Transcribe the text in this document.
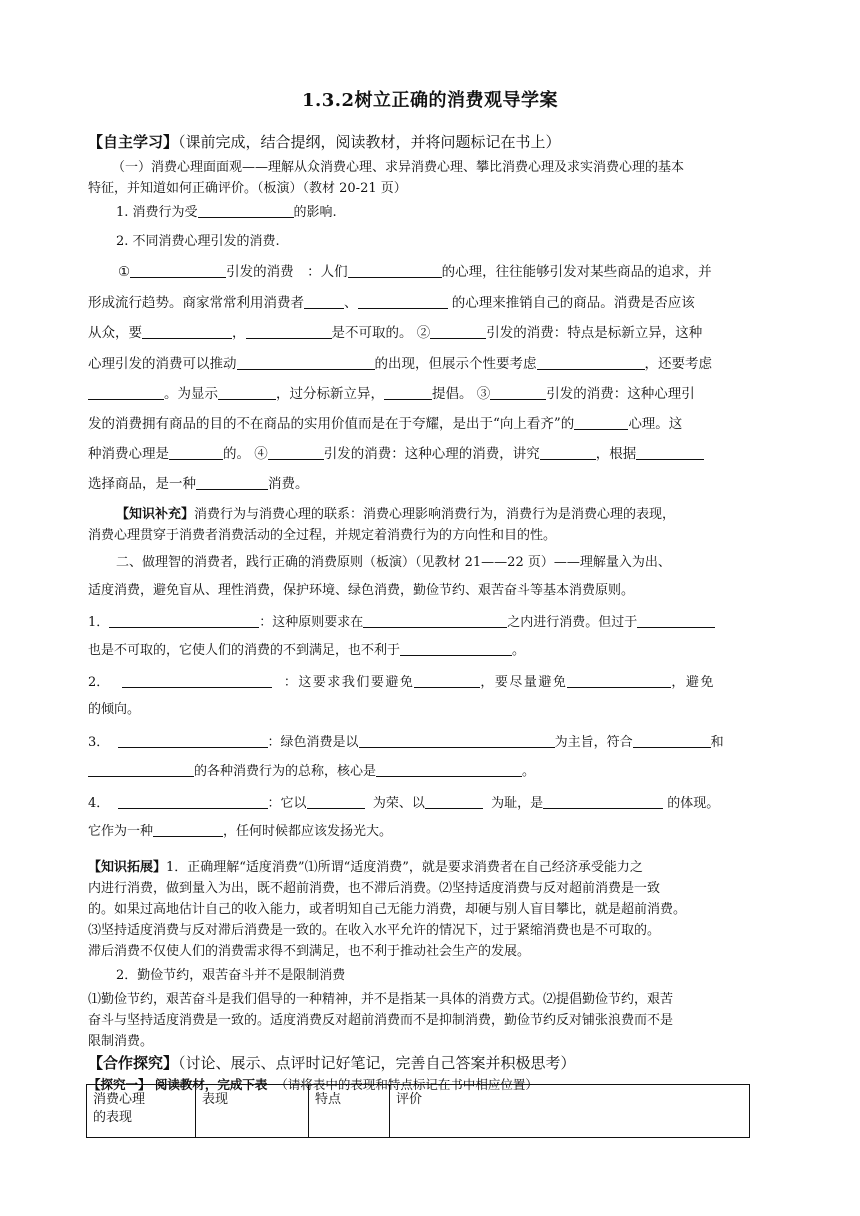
1.3.2树立正确的消费观导学案
【自主学习】（课前完成，结合提纲，阅读教材，并将问题标记在书上）
（一）消费心理面面观——理解从众消费心理、求异消费心理、攀比消费心理及求实消费心理的基本
特征，并知道如何正确评价。（板演）（教材 20-21 页）
1. 消费行为受	的影响.
2. 不同消费心理引发的消费.
①	引发的消费　：人们	的心理，往往能够引发对某些商品的追求，并
形成流行趋势。商家常常利用消费者	、	的心理来推销自己的商品。消费是否应该
从众，要	，	是不可取的。 ②	引发的消费：特点是标新立异，这种
心理引发的消费可以推动	的出现，但展示个性要考虑	，还要考虑
。为显示	，过分标新立异，	提倡。 ③	引发的消费：这种心理引
发的消费拥有商品的目的不在商品的实用价值而是在于夸耀，是出于“向上看齐”的	心理。这
种消费心理是	的。 ④	引发的消费：这种心理的消费，讲究	，根据
选择商品，是一种	消费。
【知识补充】消费行为与消费心理的联系：消费心理影响消费行为，消费行为是消费心理的表现，
消费心理贯穿于消费者消费活动的全过程，并规定着消费行为的方向性和目的性。
二、做理智的消费者，践行正确的消费原则（板演）（见教材 21——22 页）——理解量入为出、
适度消费，避免盲从、理性消费，保护环境、绿色消费，勤俭节约、艰苦奋斗等基本消费原则。
1．	：这种原则要求在	之内进行消费。但过于
也是不可取的，它使人们的消费的不到满足，也不利于	。
2．	：这要求我们要避免	，要尽量避免	，避免
的倾向。
3．	：绿色消费是以	为主旨，符合	和
的各种消费行为的总称，核心是	。
4．	：它以	为荣、以	为耻，是	的体现。
它作为一种	，任何时候都应该发扬光大。
【知识拓展】1．正确理解“适度消费”⑴所谓“适度消费”，就是要求消费者在自己经济承受能力之
内进行消费，做到量入为出，既不超前消费，也不滞后消费。⑵坚持适度消费与反对超前消费是一致
的。如果过高地估计自己的收入能力，或者明知自己无能力消费，却硬与别人盲目攀比，就是超前消费。
⑶坚持适度消费与反对滞后消费是一致的。在收入水平允许的情况下，过于紧缩消费也是不可取的。
滞后消费不仅使人们的消费需求得不到满足，也不利于推动社会生产的发展。
2．勤俭节约，艰苦奋斗并不是限制消费
⑴勤俭节约，艰苦奋斗是我们倡导的一种精神，并不是指某一具体的消费方式。⑵提倡勤俭节约，艰苦
奋斗与坚持适度消费是一致的。适度消费反对超前消费而不是抑制消费，勤俭节约反对铺张浪费而不是
限制消费。
【合作探究】（讨论、展示、点评时记好笔记，完善自己答案并积极思考）
【探究一】 阅读教材，完成下表 （请将表中的表现和特点标记在书中相应位置）
消费心理
的表现
	表现	特点	评价
